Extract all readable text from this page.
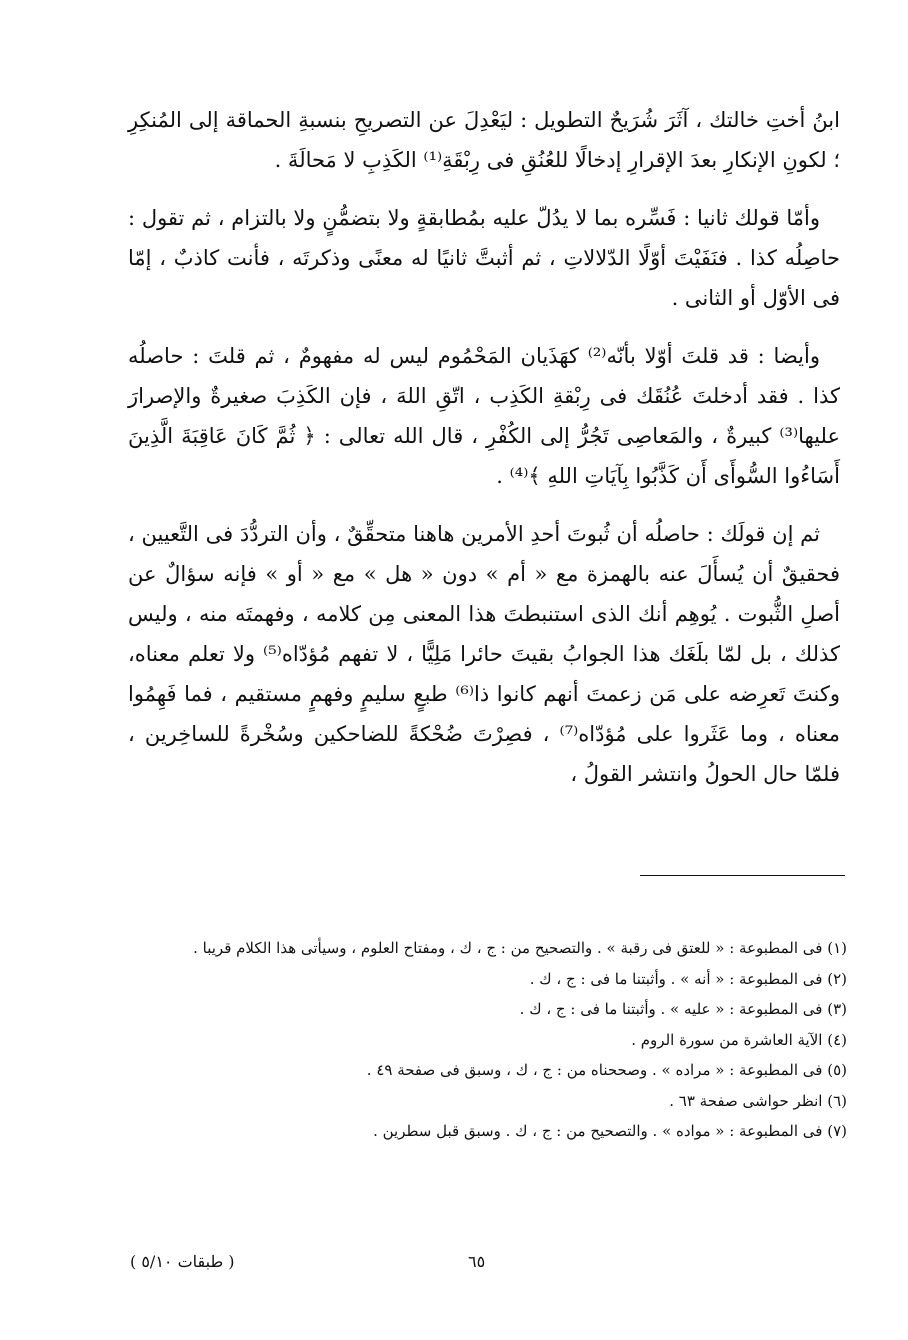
ابنُ أختِ خالتك ، آثَرَ شُرَيحٌ التطويل : ليَعْدِلَ عن التصريحِ بنسبةِ الحماقة إلى المُنكِرِ ؛ لكونِ الإنكارِ بعدَ الإقرارِ إدخالًا للعُنُقِ فى رِبْقَةِ⁽¹⁾ الكَذِبِ لا مَحالَةَ .

وأمّا قولك ثانيا : فَسِّره بما لا يدُلّ عليه بمُطابقةٍ ولا بتضمُّنٍ ولا بالتزام ، ثم تقول : حاصِلُه كذا . فنَفَيْتَ أوّلًا الدّلالاتِ ، ثم أثبتَّ ثانيًا له معنًى وذكرتَه ، فأنت كاذبٌ ، إمّا فى الأوّل أو الثانى .

وأيضا : قد قلتَ أوّلا بأنّه⁽²⁾ كهَذَيان المَحْمُوم ليس له مفهومٌ ، ثم قلتَ : حاصلُه كذا . فقد أدخلتَ عُنُقَك فى رِبْقةِ الكَذِب ، اتّقِ اللهَ ، فإن الكَذِبَ صغيرةٌ والإصرارَ عليها⁽³⁾ كبيرةٌ ، والمَعاصِى تَجُرُّ إلى الكُفْرِ ، قال الله تعالى : ﴿ ثُمَّ كَانَ عَاقِبَةَ الَّذِينَ أَسَاءُوا السُّوأَى أَن كَذَّبُوا بِآيَاتِ اللهِ ﴾⁽⁴⁾ .

ثم إن قولَك : حاصلُه أن ثُبوتَ أحدِ الأمرين هاهنا متحقِّقٌ ، وأن التردُّدَ فى التَّعيين ، فحقيقٌ أن يُسأَلَ عنه بالهمزة مع « أم » دون « هل » مع « أو » فإنه سؤالٌ عن أصلِ الثُّبوت . يُوهِم أنك الذى استنبطتَ هذا المعنى مِن كلامه ، وفهمتَه منه ، وليس كذلك ، بل لمّا بلَغَك هذا الجوابُ بقيتَ حائرا مَلِيًّا ، لا تفهم مُؤدّاه⁽⁵⁾ ولا تعلم معناه، وكنتَ تَعرِضه على مَن زعمتَ أنهم كانوا ذا⁽⁶⁾ طبعٍ سليمٍ وفهمٍ مستقيم ، فما فَهِمُوا معناه ، وما عَثَروا على مُؤدّاه⁽⁷⁾ ، فصِرْتَ ضُحْكةً للضاحكين وسُخْرةً للساخِرين ، فلمّا حال الحولُ وانتشر القولُ ،

(١) فى المطبوعة : « للعتق فى رقبة » . والتصحيح من : ج ، ك ، ومفتاح العلوم ، وسيأتى هذا الكلام قريبا .
(٢) فى المطبوعة : « أنه » . وأثبتنا ما فى : ج ، ك .
(٣) فى المطبوعة : « عليه » . وأثبتنا ما فى : ج ، ك .
(٤) الآية العاشرة من سورة الروم .
(٥) فى المطبوعة : « مراده » . وصححناه من : ج ، ك ، وسبق فى صفحة ٤٩ .
(٦) انظر حواشى صفحة ٦٣ .
(٧) فى المطبوعة : « مواده » . والتصحيح من : ج ، ك . وسبق قبل سطرين .
٦٥
( طبقات ٥/١٠ )
